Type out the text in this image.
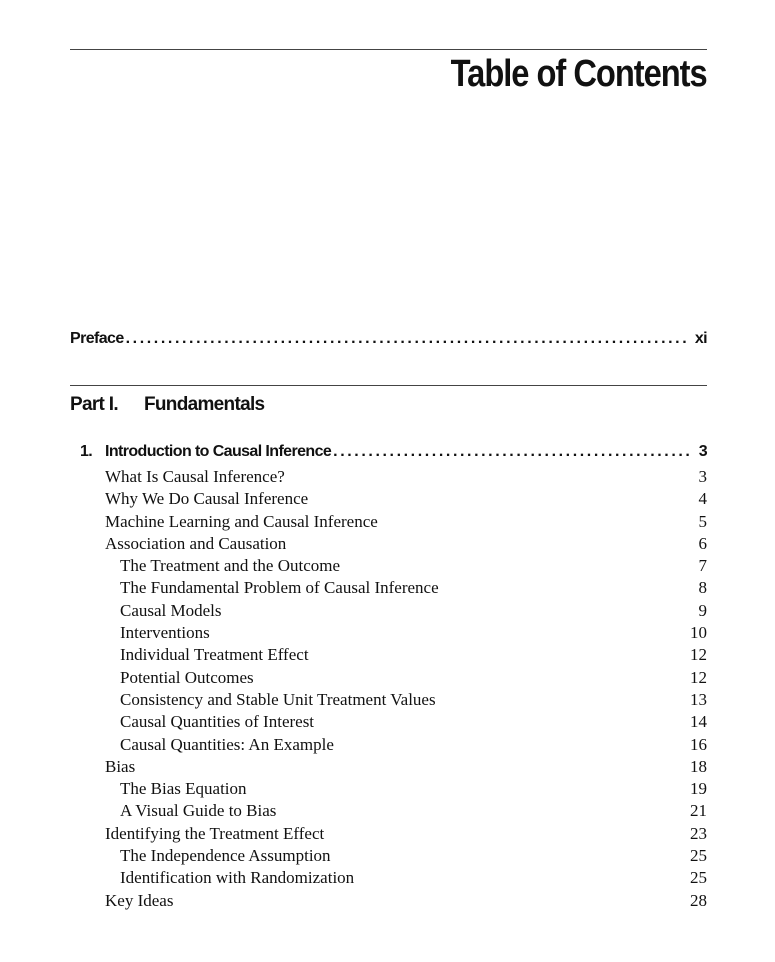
Table of Contents
Preface .....	xi
Part I. Fundamentals
1. Introduction to Causal Inference .....	3
What Is Causal Inference?	3
Why We Do Causal Inference	4
Machine Learning and Causal Inference	5
Association and Causation	6
The Treatment and the Outcome	7
The Fundamental Problem of Causal Inference	8
Causal Models	9
Interventions	10
Individual Treatment Effect	12
Potential Outcomes	12
Consistency and Stable Unit Treatment Values	13
Causal Quantities of Interest	14
Causal Quantities: An Example	16
Bias	18
The Bias Equation	19
A Visual Guide to Bias	21
Identifying the Treatment Effect	23
The Independence Assumption	25
Identification with Randomization	25
Key Ideas	28
